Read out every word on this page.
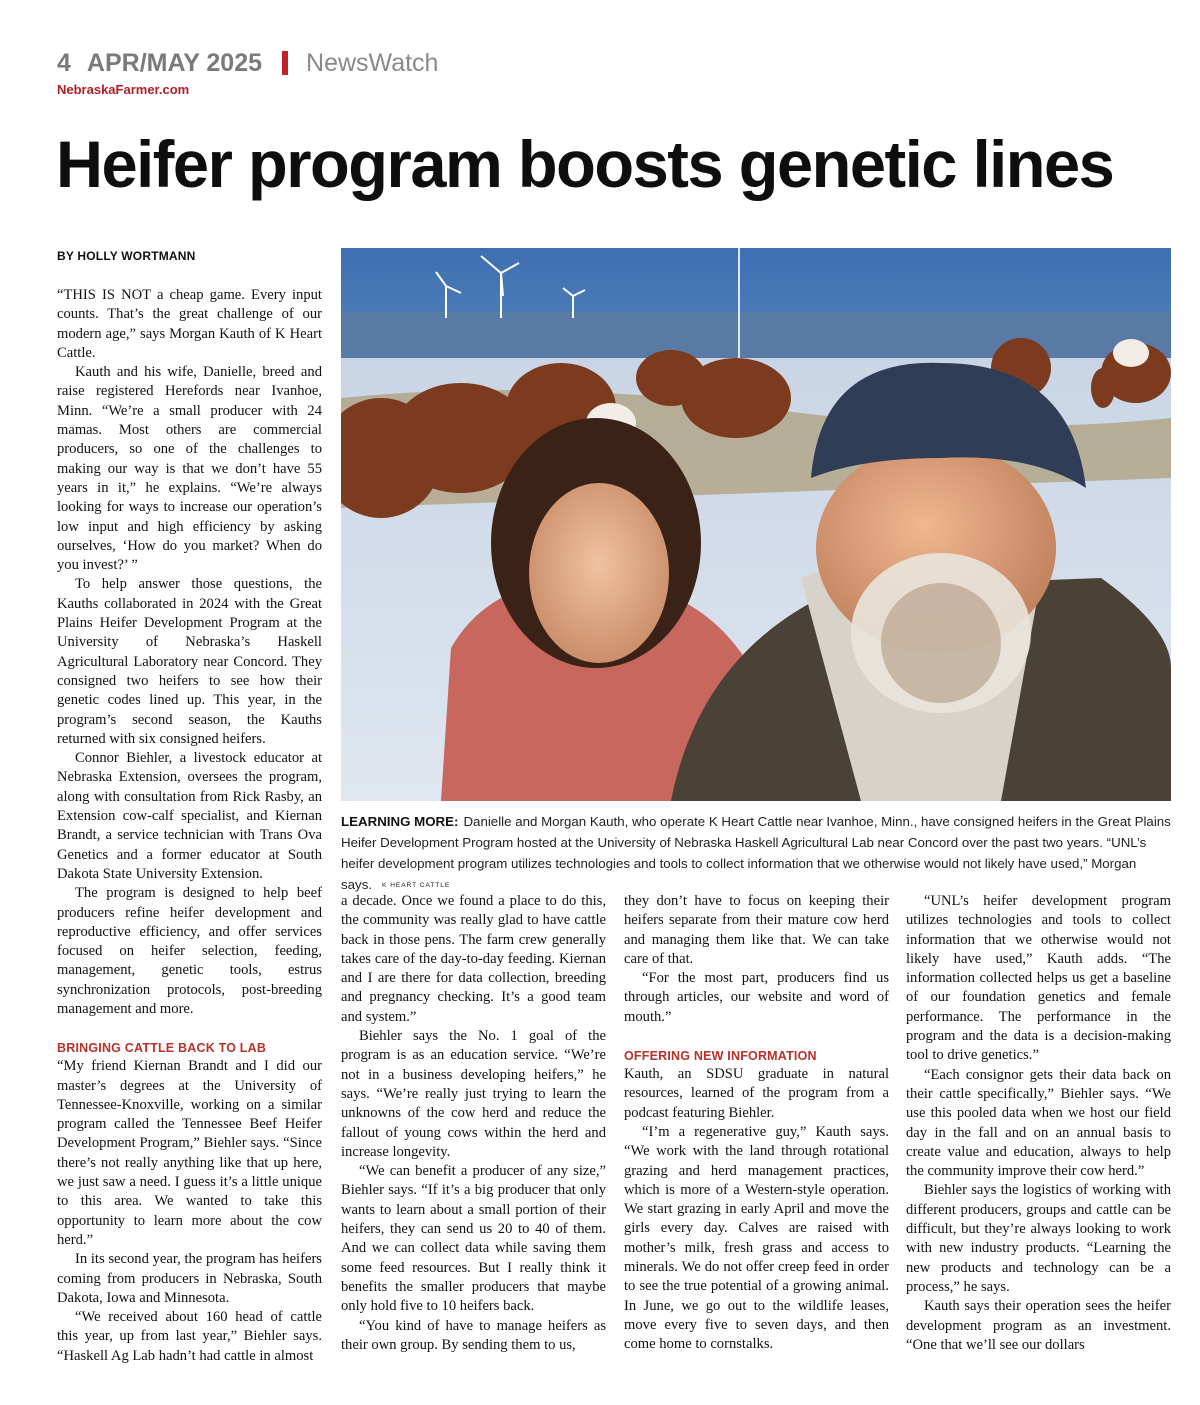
4 APR/MAY 2025 NewsWatch
NebraskaFarmer.com
Heifer program boosts genetic lines
BY HOLLY WORTMANN

LEARNING MORE: Danielle and Morgan Kauth, who operate K Heart Cattle near Ivanhoe, Minn., have consigned heifers in the Great Plains Heifer Development Program hosted at the University of Nebraska Haskell Agricultural Lab near Concord over the past two years. “UNL’s heifer development program utilizes technologies and tools to collect information that we otherwise would not likely have used,” Morgan says. K HEART CATTLE

“THIS IS NOT a cheap game. Every input counts. That’s the great challenge of our modern age,” says Morgan Kauth of K Heart Cattle.

Kauth and his wife, Danielle, breed and raise registered Herefords near Ivanhoe, Minn. “We’re a small producer with 24 mamas. Most others are commercial producers, so one of the challenges to making our way is that we don’t have 55 years in it,” he explains. “We’re always looking for ways to increase our operation’s low input and high efficiency by asking ourselves, ‘How do you market? When do you invest?’ ”

To help answer those questions, the Kauths collaborated in 2024 with the Great Plains Heifer Development Program at the University of Nebraska’s Haskell Agricultural Laboratory near Concord. They consigned two heifers to see how their genetic codes lined up. This year, in the program’s second season, the Kauths returned with six consigned heifers.

Connor Biehler, a livestock educator at Nebraska Extension, oversees the program, along with consultation from Rick Rasby, an Extension cow-calf specialist, and Kiernan Brandt, a service technician with Trans Ova Genetics and a former educator at South Dakota State University Extension.

The program is designed to help beef producers refine heifer development and reproductive efficiency, and offer services focused on heifer selection, feeding, management, genetic tools, estrus synchronization protocols, post-breeding management and more.

BRINGING CATTLE BACK TO LAB

“My friend Kiernan Brandt and I did our master’s degrees at the University of Tennessee-Knoxville, working on a similar program called the Tennessee Beef Heifer Development Program,” Biehler says. “Since there’s not really anything like that up here, we just saw a need. I guess it’s a little unique to this area. We wanted to take this opportunity to learn more about the cow herd.”

In its second year, the program has heifers coming from producers in Nebraska, South Dakota, Iowa and Minnesota.

“We received about 160 head of cattle this year, up from last year,” Biehler says. “Haskell Ag Lab hadn’t had cattle in almost

a decade. Once we found a place to do this, the community was really glad to have cattle back in those pens. The farm crew generally takes care of the day-to-day feeding. Kiernan and I are there for data collection, breeding and pregnancy checking. It’s a good team and system.”

Biehler says the No. 1 goal of the program is as an education service. “We’re not in a business developing heifers,” he says. “We’re really just trying to learn the unknowns of the cow herd and reduce the fallout of young cows within the herd and increase longevity.

“We can benefit a producer of any size,” Biehler says. “If it’s a big producer that only wants to learn about a small portion of their heifers, they can send us 20 to 40 of them. And we can collect data while saving them some feed resources. But I really think it benefits the smaller producers that maybe only hold five to 10 heifers back.

“You kind of have to manage heifers as their own group. By sending them to us,

they don’t have to focus on keeping their heifers separate from their mature cow herd and managing them like that. We can take care of that.

“For the most part, producers find us through articles, our website and word of mouth.”

OFFERING NEW INFORMATION

Kauth, an SDSU graduate in natural resources, learned of the program from a podcast featuring Biehler.

“I’m a regenerative guy,” Kauth says. “We work with the land through rotational grazing and herd management practices, which is more of a Western-style operation. We start grazing in early April and move the girls every day. Calves are raised with mother’s milk, fresh grass and access to minerals. We do not offer creep feed in order to see the true potential of a growing animal. In June, we go out to the wildlife leases, move every five to seven days, and then come home to cornstalks.

“UNL’s heifer development program utilizes technologies and tools to collect information that we otherwise would not likely have used,” Kauth adds. “The information collected helps us get a baseline of our foundation genetics and female performance. The performance in the program and the data is a decision-making tool to drive genetics.”

“Each consignor gets their data back on their cattle specifically,” Biehler says. “We use this pooled data when we host our field day in the fall and on an annual basis to create value and education, always to help the community improve their cow herd.”

Biehler says the logistics of working with different producers, groups and cattle can be difficult, but they’re always looking to work with new industry products. “Learning the new products and technology can be a process,” he says.

Kauth says their operation sees the heifer development program as an investment. “One that we’ll see our dollars
